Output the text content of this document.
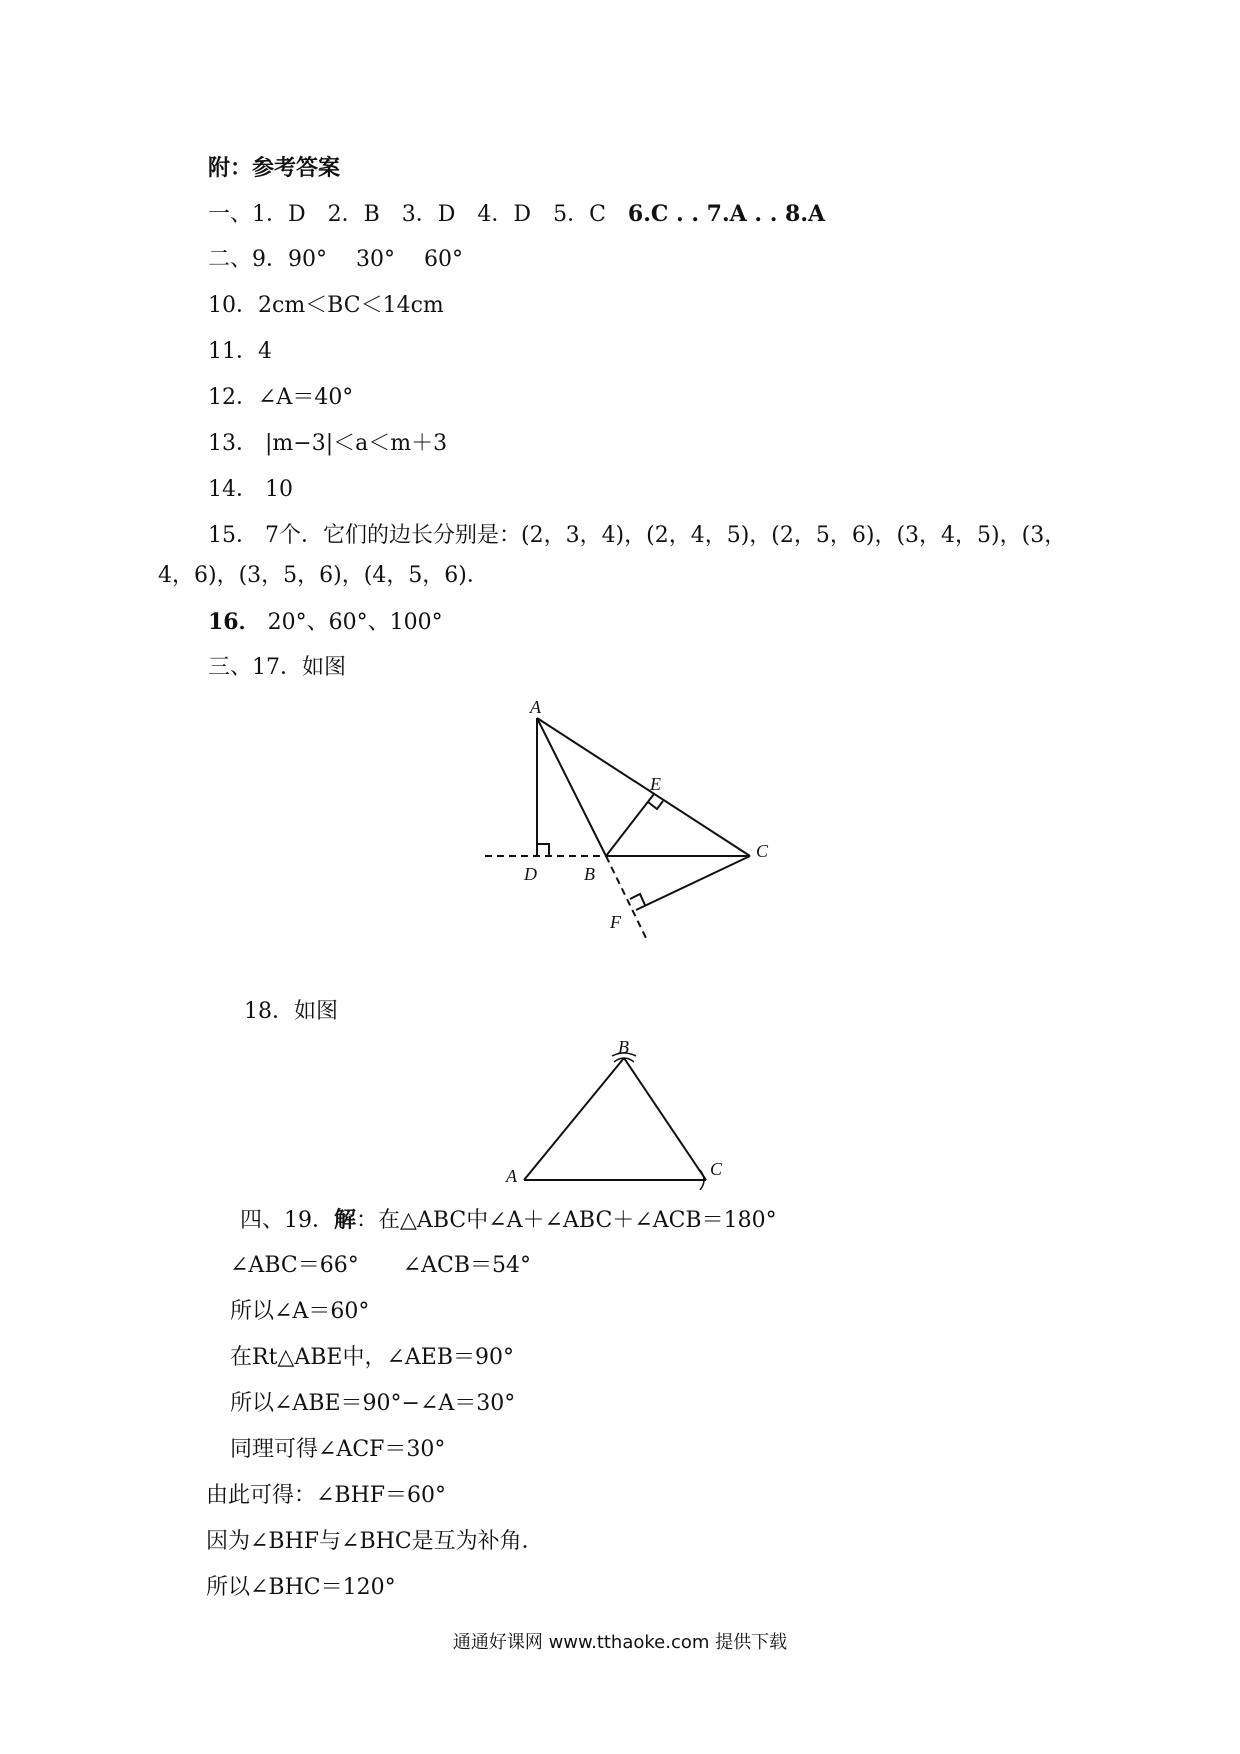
附：参考答案
一、1．D　2．B　3．D　4．D　5．C　6.C . . 7.A . . 8.A
二、9．90°　 30°　 60°
10．2cm＜BC＜14cm
11．4
12．∠A＝40°
13． |m−3|＜a＜m＋3
14． 10
15． 7个．它们的边长分别是：(2，3，4)，(2，4，5)，(2，5，6)，(3，4，5)，(3，
4，6)，(3，5，6)，(4，5，6)．
16． 20°、60°、100°
三、17．如图
A
E
C
D	B
F
18．如图
B
A	C
四、19．解：在△ABC中∠A＋∠ABC＋∠ACB＝180°
∠ABC＝66°　　∠ACB＝54°
所以∠A＝60°
在Rt△ABE中，∠AEB＝90°
所以∠ABE＝90°−∠A＝30°
同理可得∠ACF＝30°
由此可得：∠BHF＝60°
因为∠BHF与∠BHC是互为补角．
所以∠BHC＝120°
通通好课网 www.tthaoke.com 提供下载
